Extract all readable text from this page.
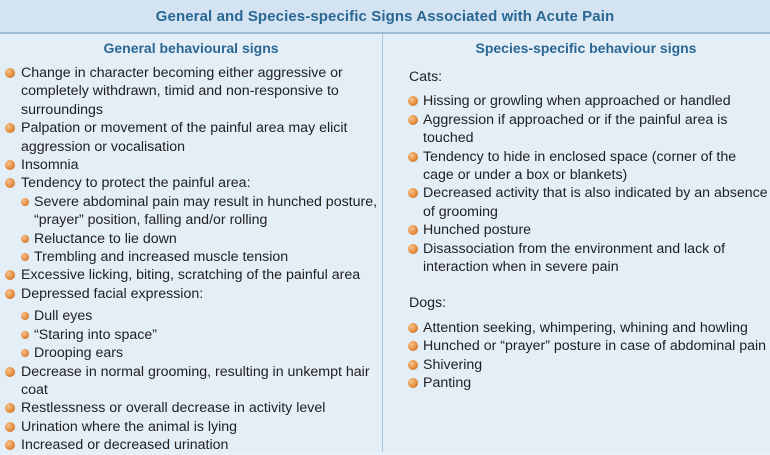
General and Species-specific Signs Associated with Acute Pain
General behavioural signs
Change in character becoming either aggressive or completely withdrawn, timid and non-responsive to surroundings
Palpation or movement of the painful area may elicit aggression or vocalisation
Insomnia
Tendency to protect the painful area:
Severe abdominal pain may result in hunched posture, “prayer” position, falling and/or rolling
Reluctance to lie down
Trembling and increased muscle tension
Excessive licking, biting, scratching of the painful area
Depressed facial expression:
Dull eyes
“Staring into space”
Drooping ears
Decrease in normal grooming, resulting in unkempt hair coat
Restlessness or overall decrease in activity level
Urination where the animal is lying
Increased or decreased urination
Species-specific behaviour signs
Cats:
Hissing or growling when approached or handled
Aggression if approached or if the painful area is touched
Tendency to hide in enclosed space (corner of the cage or under a box or blankets)
Decreased activity that is also indicated by an absence of grooming
Hunched posture
Disassociation from the environment and lack of interaction when in severe pain
Dogs:
Attention seeking, whimpering, whining and howling
Hunched or “prayer” posture in case of abdominal pain
Shivering
Panting
